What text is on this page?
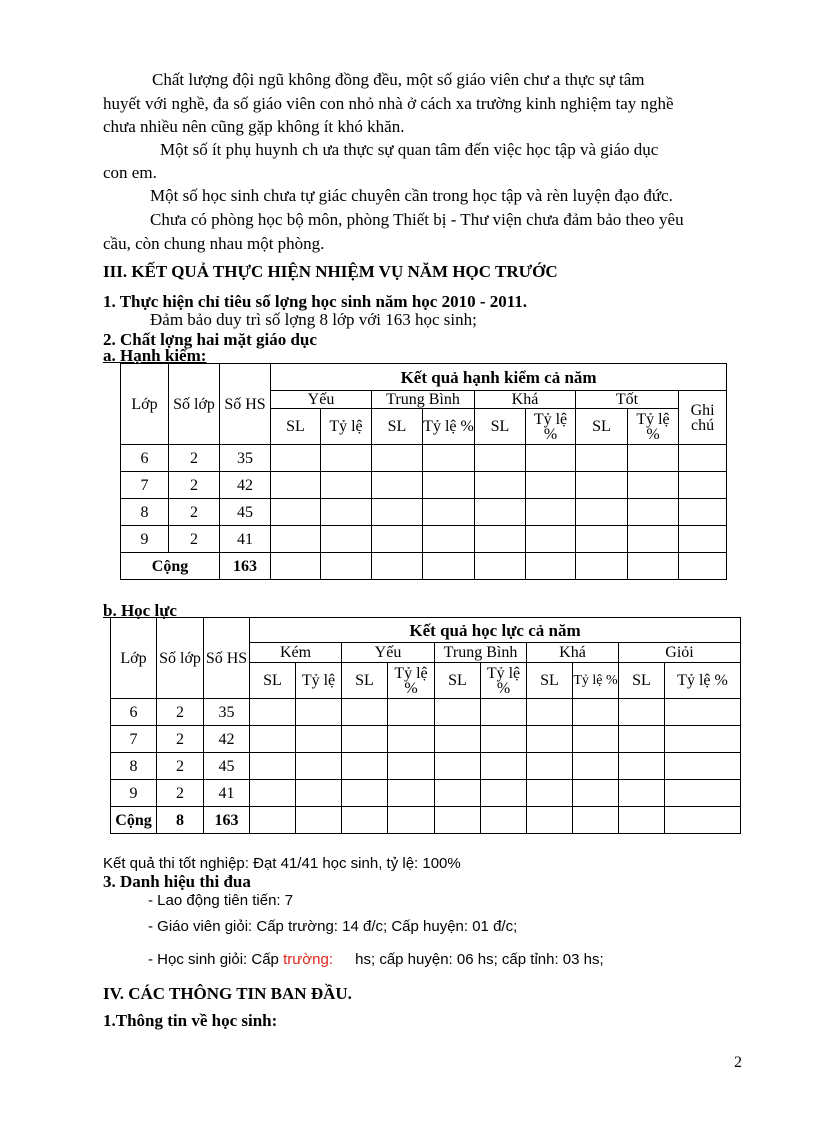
Chất lượng đội ngũ không đồng đều, một số giáo viên chư a thực sự tâm
huyết với nghề, đa số giáo viên con nhỏ nhà ở cách xa trường kinh nghiệm tay nghề
chưa nhiều nên cũng gặp không ít khó khăn.
Một số ít phụ huynh ch ưa thực sự quan tâm đến việc học tập và giáo dục
con em.
Một số học sinh chưa tự giác chuyên cần trong học tập và rèn luyện đạo đức.
Chưa có phòng học bộ môn, phòng Thiết bị - Thư viện chưa đảm bảo theo yêu
cầu, còn chung nhau một phòng.
III. KẾT QUẢ THỰC HIỆN NHIỆM VỤ NĂM HỌC TRƯỚC
1. Thực hiện chỉ tiêu số lợng học sinh năm học 2010 - 2011.
Đảm bảo duy trì số lợng 8 lớp với 163 học sinh;
2. Chất lợng hai mặt giáo dục
a. Hạnh kiểm:
Lớp	Số lớp	Số HS	Kết quả hạnh kiểm cả năm								
			Yếu		Trung Bình		Khá		Tốt		Ghi chú
			SL	Tỷ lệ	SL	Tỷ lệ %	SL	Tỷ lệ %	SL	Tỷ lệ %	
6	2	35									
7	2	42									
8	2	45									
9	2	41									
Cộng		163									
b. Học lực
Lớp	Số lớp	Số HS	Kết quả học lực cả năm									
			Kém		Yếu		Trung Bình		Khá		Giỏi	
			SL	Tỷ lệ	SL	Tỷ lệ %	SL	Tỷ lệ %	SL	Tỷ lệ %	SL	Tỷ lệ %
6	2	35										
7	2	42										
8	2	45										
9	2	41										
Cộng	8	163										
Kết quả thi tốt nghiệp: Đạt 41/41 học sinh, tỷ lệ: 100%
3. Danh hiệu thi đua
- Lao động tiên tiến: 7
- Giáo viên giỏi: Cấp trường: 14 đ/c; Cấp huyện: 01 đ/c;
- Học sinh giỏi: Cấp trường: hs; cấp huyện: 06 hs; cấp tỉnh: 03 hs;
IV. CÁC THÔNG TIN BAN ĐẦU.
1.Thông tin về học sinh:
2
